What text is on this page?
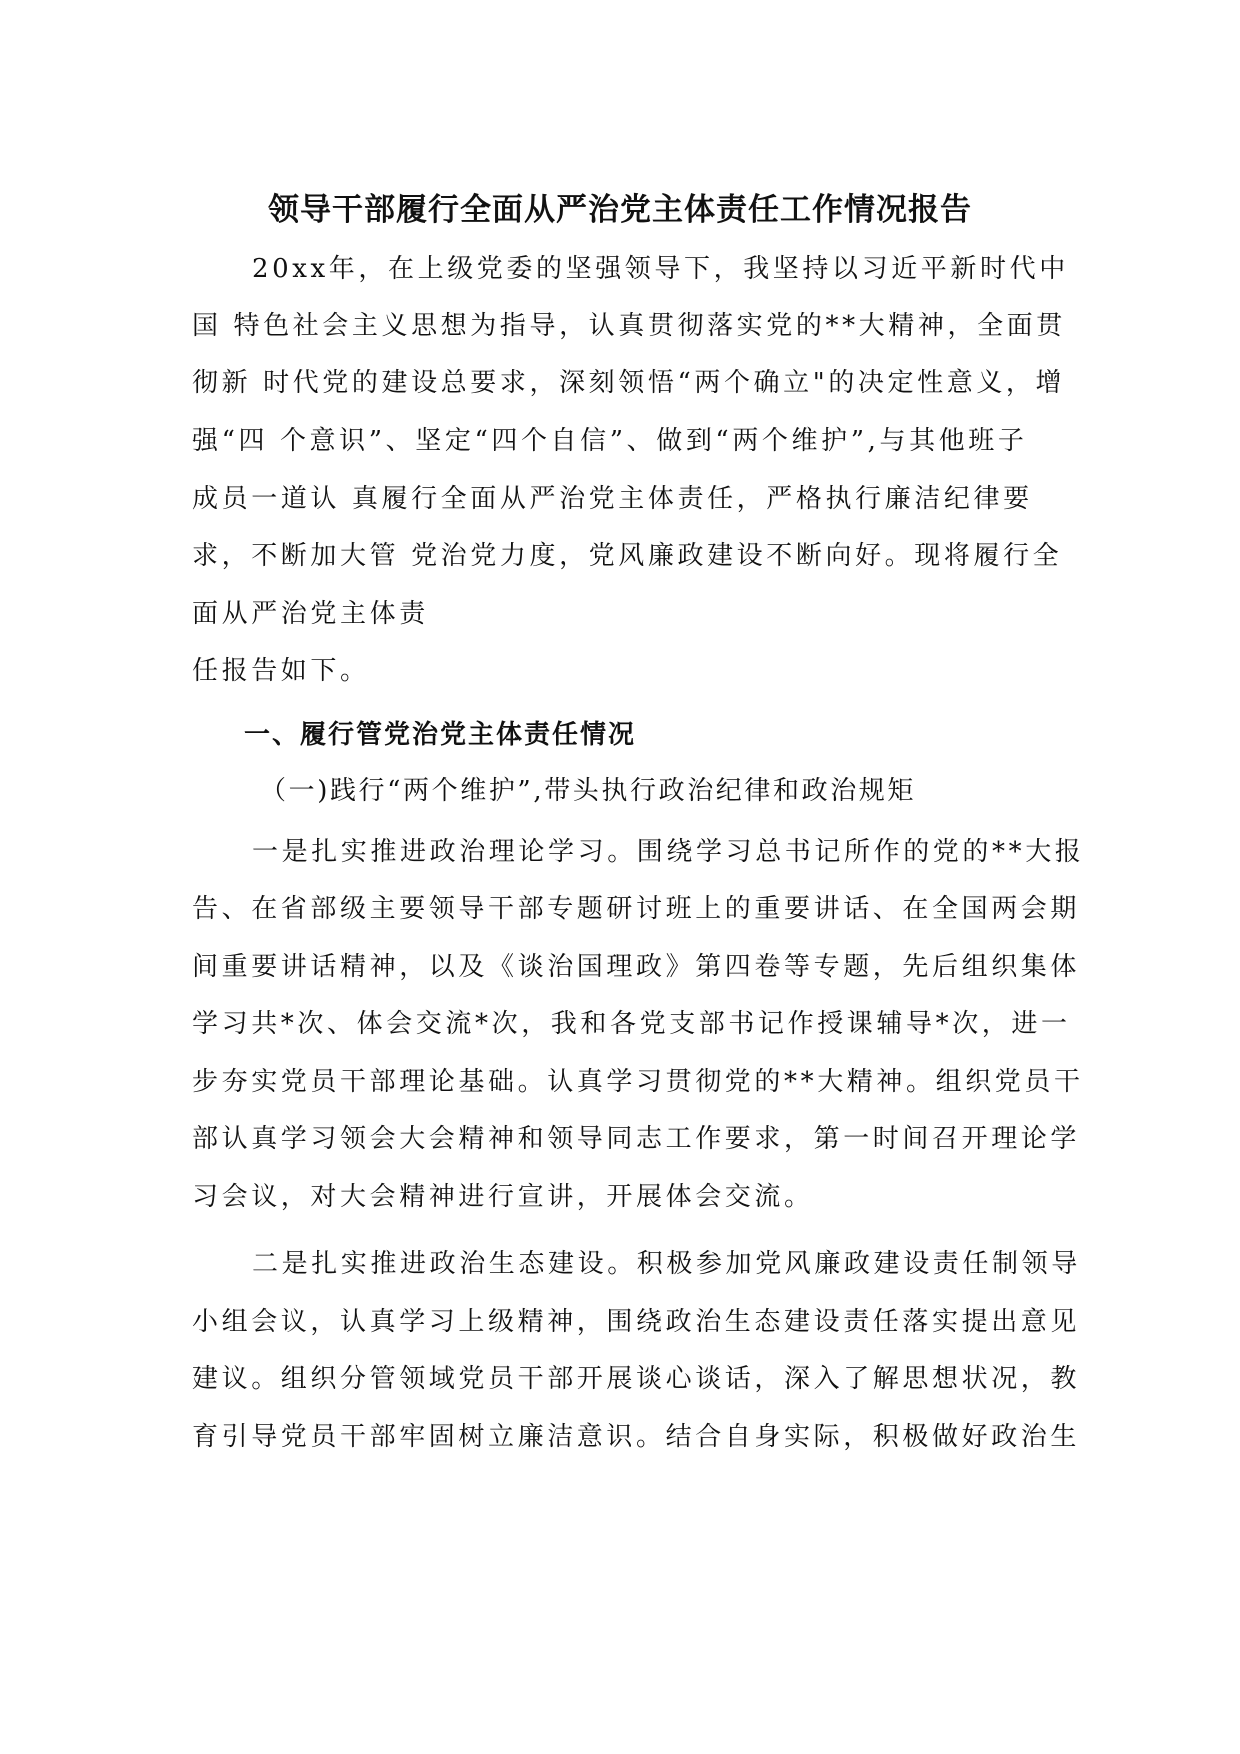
领导干部履行全面从严治党主体责任工作情况报告
20xx年，在上级党委的坚强领导下，我坚持以习近平新时代中
国 特色社会主义思想为指导，认真贯彻落实党的**大精神，全面贯
彻新 时代党的建设总要求，深刻领悟“两个确立"的决定性意义，增
强“四 个意识”、坚定“四个自信”、做到“两个维护”,与其他班子
成员一道认 真履行全面从严治党主体责任，严格执行廉洁纪律要
求，不断加大管 党治党力度，党风廉政建设不断向好。现将履行全
面从严治党主体责
任报告如下。
一、履行管党治党主体责任情况
（一)践行“两个维护”,带头执行政治纪律和政治规矩
一是扎实推进政治理论学习。围绕学习总书记所作的党的**大报
告、在省部级主要领导干部专题研讨班上的重要讲话、在全国两会期
间重要讲话精神，以及《谈治国理政》第四卷等专题，先后组织集体
学习共*次、体会交流*次，我和各党支部书记作授课辅导*次，进一
步夯实党员干部理论基础。认真学习贯彻党的**大精神。组织党员干
部认真学习领会大会精神和领导同志工作要求，第一时间召开理论学
习会议，对大会精神进行宣讲，开展体会交流。
二是扎实推进政治生态建设。积极参加党风廉政建设责任制领导
小组会议，认真学习上级精神，围绕政治生态建设责任落实提出意见
建议。组织分管领域党员干部开展谈心谈话，深入了解思想状况，教
育引导党员干部牢固树立廉洁意识。结合自身实际，积极做好政治生
